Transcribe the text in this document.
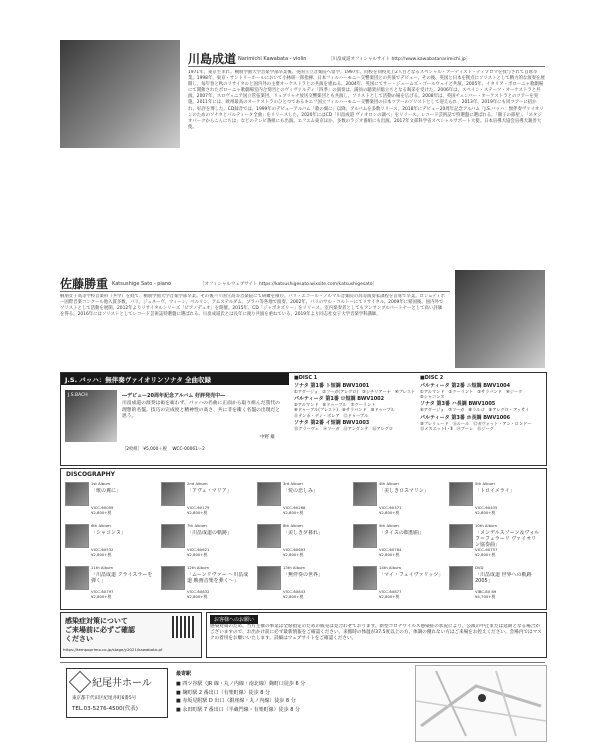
川島成道 Narimichi Kawabata - violin	［川畠成道オフィシャルサイト http://www.kawabatanarimichi.jp］

1971年、東京生まれ。桐朋学園大学音楽学部卒業後、英国王立音楽院へ留学。1997年、同校を同校史上2人目となるスペシャル・アーティスト・ディプロマを授与されて首席卒業。1998年、東京・サントリーホールにおいて小林研一郎指揮、日本フィルハーモニー交響楽団との共演でデビュー。その後、英国と日本を拠点にソリストとして精力的な演奏を展開し、毎年春と秋のリサイタルと国内外の主要オーケストラとの共演を重ねる。2004年、英国にてサー・ジェームズ・ゴールウェイと共演。2005年、イタリア・ボローニャ歌劇場にて開催されたボローニャ歌劇場室内合奏団とのヴィヴァルディ「四季」の演奏は、満員の聴衆が総立ちとなる喝采を受けた。2006年は、スペイン・ステーツ・オーケストラと共演。2007年、スロヴェニア国立管弦楽団、リュブリャナ放送交響楽団とも共演し、ソリストとして活動の場を広げる。2008年は、英国チェンバー・オーケストラとのツアーを実施。2011年には、欧州最高のオーケストラのひとつであるキエフ国立フィルハーモニー交響楽団の日本ツアーのソリストとして迎えられ、2013年、2019年にも同ツアーに招かれ、好評を博した。CD録音では、1999年のデビューアルバム「歌の翼に」以降、アルバムを多数リリース。2018年にデビュー20周年記念アルバム「J.S.バッハ：無伴奏ヴァイオリンのためのソナタとパルティータ全曲」をリリースした。2020年にはCD「川畠成道 ヴィオロンの調べ」をリリース。レコード芸術誌で特選盤に選ばれる。「徹子の部屋」、「スタジオパークからこんにちは」などのテレビ番組にも出演。エフエム東京ほか、多数のラジオ番組にも出演。2017年文部科学省スペシャルサポート大使。日本盲導犬協会盲導犬親善大使。

佐藤勝重 Katsushige Sato - piano	［オフィシャルウェブサイト https://katsushigesato.wixsite.com/katsushigesato］

桐朋女子高等学校音楽科（共学）を経て、桐朋学園大学音楽学部卒業。その後パリ国立高等音楽院にて研鑽を積む。パリ・エコール・ノルマル音楽院の高等演奏家課程を首席で卒業。ロン=ティボー国際音楽コンクール他入賞多数。パリ、ジュネーヴ、ウィーン、ベルリン、アムステルダム、プラハ等各地で演奏。2002年、パリのサル・コルトーにてリサイタル。2009年に帰国後、国内外でソリストとして活動を展開。2012年よりリサイタルシリーズ「ピアノデュオ」を開催。2015年、CD「ジャポネズリー」をリリース。室内楽奏者としてもアンサンブルパートナーとして高い評価を得る。2016年にはソリストとしてレコード芸術誌特選盤に選ばれる。川畠成道氏とは長年に渡り共演を重ねている。2019年より同志社女子大学音楽学科講師。

J.S. バッハ：無伴奏ヴァイオリンソナタ 全曲収録
J.S.BACH	―デビュー20周年記念アルバム 好評発売中―
川畠成道の演奏は衒を衒わず、バッハの名曲に正面から取り組んだ我代の理想的名盤。技巧の完成度と精神性の高さ、共に非を衝く名盤の出現だと思う。
中野 雄
［2枚組］ ¥5,000＋税 WCC-00061〜2
■DISC 1
ソナタ 第1番 ト短調 BWV1001
①アダージョ ②フーガ(アレグロ) ③シチリアーナ ④プレスト
パルティータ 第1番 ロ短調 BWV1002
⑤アルマンド ⑥ドゥーブル ⑦クーラント
⑧ドゥーブル(プレスト) ⑨サラバンド ⑩ドゥーブル
⑪テンポ・ディ・ボレア ⑫ドゥーブル
ソナタ 第2番 イ短調 BWV1003
⑬グラーヴェ ⑭フーガ ⑮アンダンテ ⑯アレグロ
■DISC 2
パルティータ 第2番 ニ短調 BWV1004
①アルマンド ②クーラント ③サラバンド ④ジーグ
⑤シャコンヌ
ソナタ 第3番 ハ長調 BWV1005
⑥アダージョ ⑦フーガ ⑧ラルゴ ⑨アレグロ・アッサイ
パルティータ 第3番 ホ長調 BWV1006
⑩プレリュード ⑪ルール ⑫ガヴォット・アン・ロンドー
⑬メヌエットⅠ・Ⅱ ⑭ブーレ ⑮ジーグ
DISCOGRAPHY
1st Album
「歌の翼に」
VICC-60059
¥2,800+税
2nd Album
「アヴェ・マリア」
VICC-60179
¥2,800+税
3rd Album
「愛の悲しみ」
VICC-60268
¥2,800+税
4th Album
「美しきロスマリン」
VICC-60371
¥2,800+税
5th Album
「トロイメライ」
VICC-60435
¥2,800+税
6th Album
「シャコンヌ」
VICC-60532
¥2,800+税
7th Album
「川畠成道の軌跡」
VICC-60621
¥2,800+税
8th Album
「美しき夕暮れ」
VICC-60693
¥2,800+税
9th Album
「タイスの瞑想曲」
VICC-60764
¥2,800+税
10th Album
「メンデルスゾーン＆ヴォルフ＝フェラーリ ヴァイオリン協奏曲」
VICC-60757
¥2,800+税
11th Album
「川畠成道 クライスラーを弾く」
VICC-60797
¥2,800+税
12th Album
「ムーンリヴァー 〜川畠成道 映画音楽を弾く〜」
VICC-60832
¥2,800+税
13th Album
「無伴奏の世界」
VICC-60843
¥2,800+税
14th Album
「マイ・フェイヴァリッツ」
VICC-60877
¥2,800+税
DVD
「川畠成道 世界への軌跡 2005」
VIBC-80 89
¥4,700+税
感染症対策について
ご来場前に必ずご確認
ください
https://tempoprimo.co.jp/stage/y2021/kawabata-pf
お客様へのお願い
感染対策のため、当方主催の事業は全席指定のための販売は見合わせております。新型コロナウイルス感染症の状況により、公演の中止または延期となる場合がございますので、お出かけ前に必ず最新情報をご確認ください。来館時の体温が37.5度以上の方、体調の優れない方はご来場をお控えください。会場内ではマスクの着用をお願いいたします。詳細はウェブサイトをご確認ください。
紀尾井ホール
東京都千代田区紀尾井町6番5号
TEL.03-5276-4500(代表)
最寄駅
■ 四ツ谷駅（JR 線・丸ノ内線・南北線）麹町口徒歩 6 分
■ 麹町駅 2 番出口（有楽町線）徒歩 8 分
■ 赤坂見附駅 D 出口（銀座線・丸ノ内線）徒歩 8 分
■ 永田町駅 7 番出口（半蔵門線・有楽町線）徒歩 8 分
